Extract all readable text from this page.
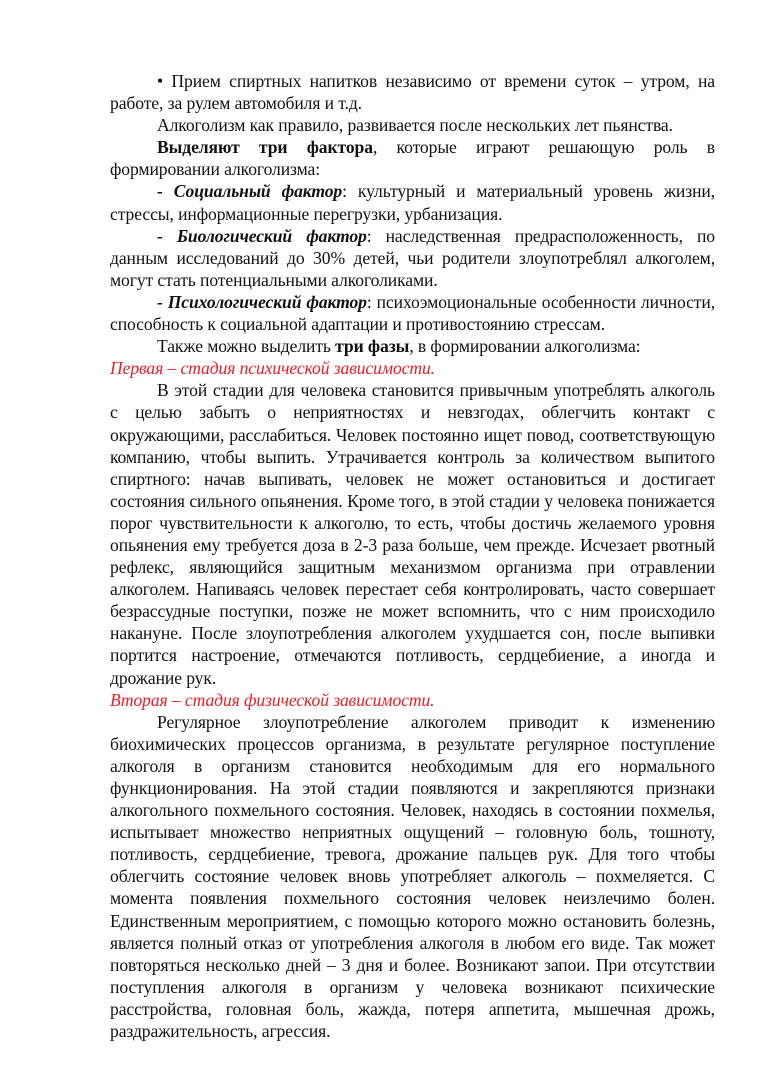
• Прием спиртных напитков независимо от времени суток – утром, на работе, за рулем автомобиля и т.д.

Алкоголизм как правило, развивается после нескольких лет пьянства.

Выделяют три фактора, которые играют решающую роль в формировании алкоголизма:

- Социальный фактор: культурный и материальный уровень жизни, стрессы, информационные перегрузки, урбанизация.

- Биологический фактор: наследственная предрасположенность, по данным исследований до 30% детей, чьи родители злоупотреблял алкоголем, могут стать потенциальными алкоголиками.

- Психологический фактор: психоэмоциональные особенности личности, способность к социальной адаптации и противостоянию стрессам.

Также можно выделить три фазы, в формировании алкоголизма:

Первая – стадия психической зависимости.

В этой стадии для человека становится привычным употреблять алкоголь с целью забыть о неприятностях и невзгодах, облегчить контакт с окружающими, расслабиться. Человек постоянно ищет повод, соответствующую компанию, чтобы выпить. Утрачивается контроль за количеством выпитого спиртного: начав выпивать, человек не может остановиться и достигает состояния сильного опьянения. Кроме того, в этой стадии у человека понижается порог чувствительности к алкоголю, то есть, чтобы достичь желаемого уровня опьянения ему требуется доза в 2-3 раза больше, чем прежде. Исчезает рвотный рефлекс, являющийся защитным механизмом организма при отравлении алкоголем. Напиваясь человек перестает себя контролировать, часто совершает безрассудные поступки, позже не может вспомнить, что с ним происходило накануне. После злоупотребления алкоголем ухудшается сон, после выпивки портится настроение, отмечаются потливость, сердцебиение, а иногда и дрожание рук.

Вторая – стадия физической зависимости.

Регулярное злоупотребление алкоголем приводит к изменению биохимических процессов организма, в результате регулярное поступление алкоголя в организм становится необходимым для его нормального функционирования. На этой стадии появляются и закрепляются признаки алкогольного похмельного состояния. Человек, находясь в состоянии похмелья, испытывает множество неприятных ощущений – головную боль, тошноту, потливость, сердцебиение, тревога, дрожание пальцев рук. Для того чтобы облегчить состояние человек вновь употребляет алкоголь – похмеляется. С момента появления похмельного состояния человек неизлечимо болен. Единственным мероприятием, с помощью которого можно остановить болезнь, является полный отказ от употребления алкоголя в любом его виде. Так может повторяться несколько дней – 3 дня и более. Возникают запои. При отсутствии поступления алкоголя в организм у человека возникают психические расстройства, головная боль, жажда, потеря аппетита, мышечная дрожь, раздражительность, агрессия.
